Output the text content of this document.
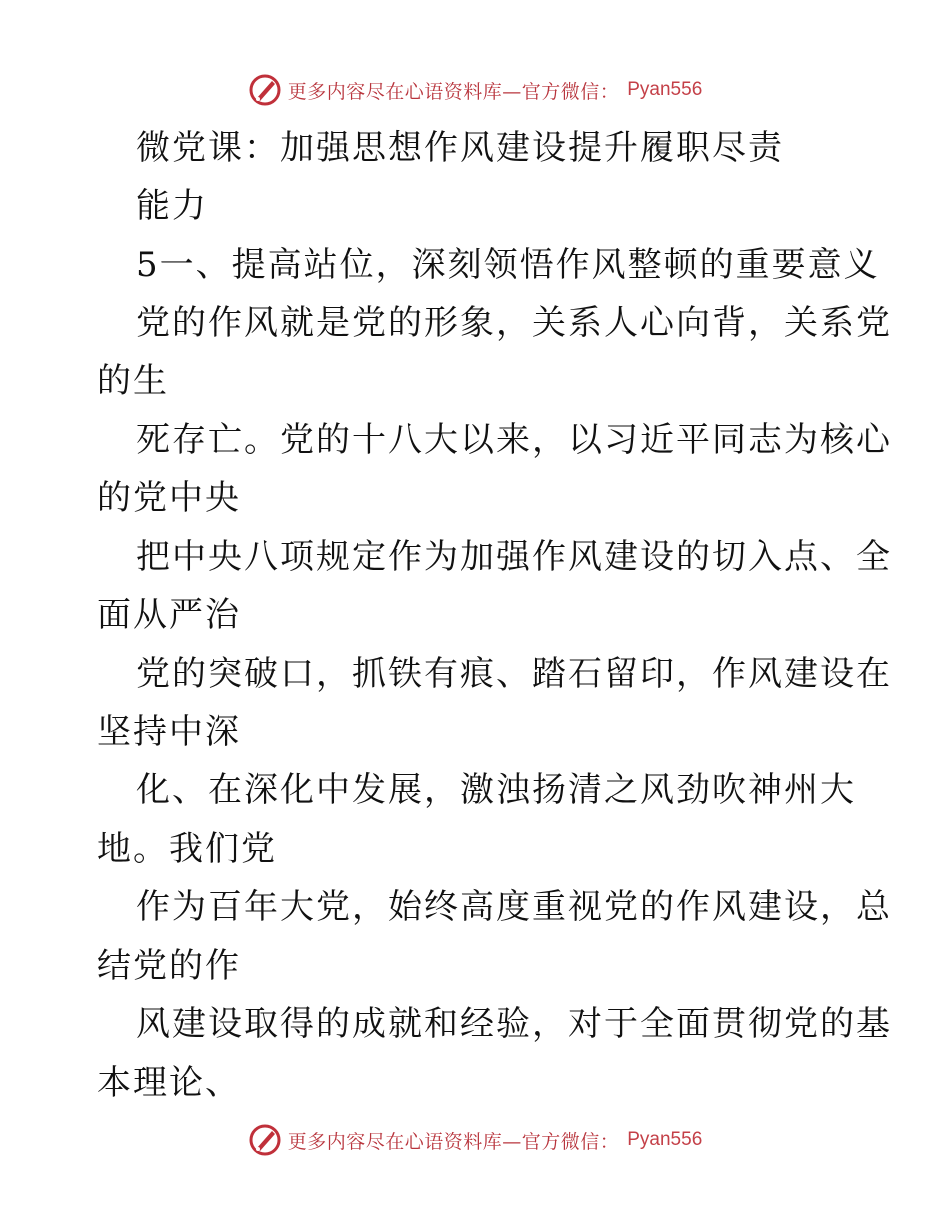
更多内容尽在心语资料库—官方微信： Pyan556
微党课：加强思想作风建设提升履职尽责
能力
5一、提高站位，深刻领悟作风整顿的重要意义
党的作风就是党的形象，关系人心向背，关系党
的生
死存亡。党的十八大以来，以习近平同志为核心
的党中央
把中央八项规定作为加强作风建设的切入点、全
面从严治
党的突破口，抓铁有痕、踏石留印，作风建设在
坚持中深
化、在深化中发展，激浊扬清之风劲吹神州大
地。我们党
作为百年大党，始终高度重视党的作风建设，总
结党的作
风建设取得的成就和经验，对于全面贯彻党的基
本理论、
更多内容尽在心语资料库—官方微信： Pyan556
